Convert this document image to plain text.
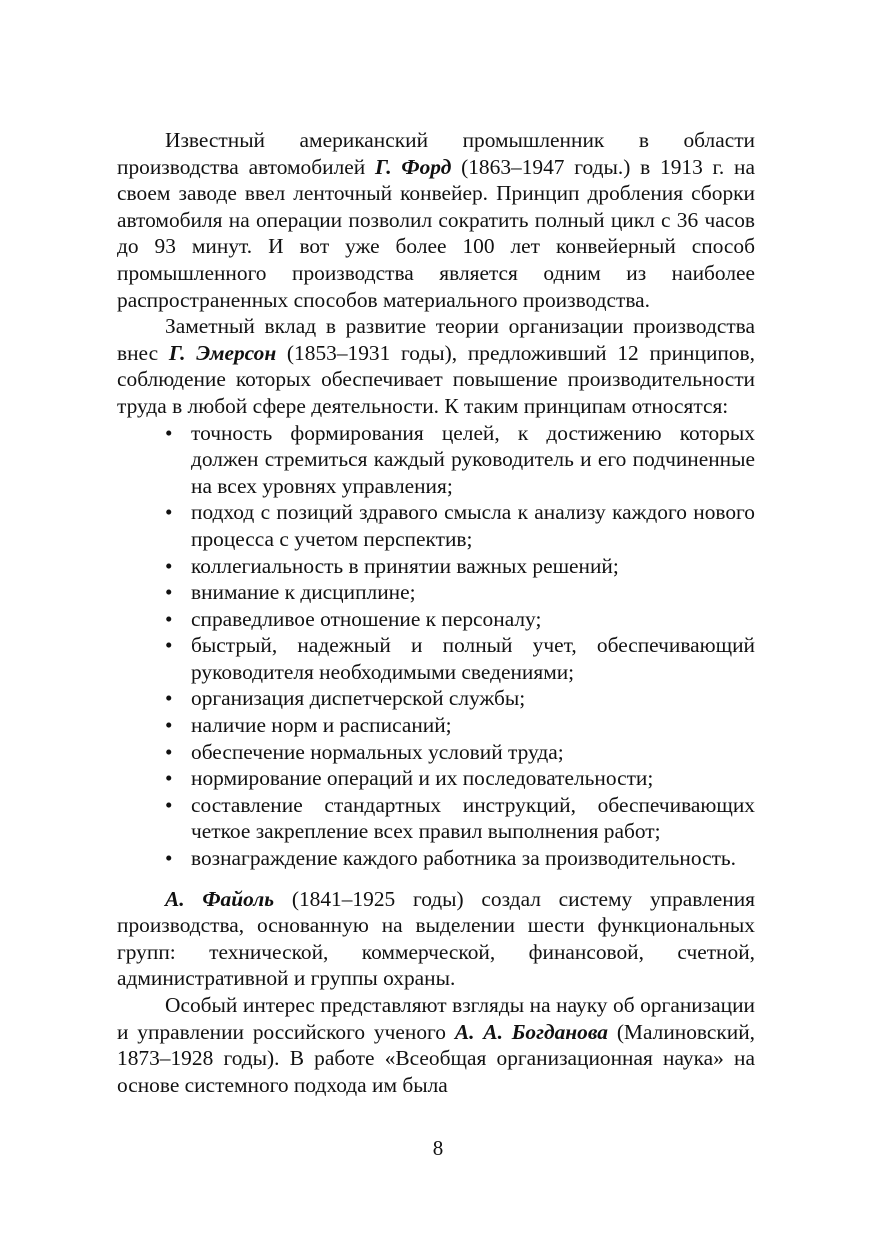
Известный американский промышленник в области производства автомобилей Г. Форд (1863–1947 годы.) в 1913 г. на своем заводе ввел ленточный конвейер. Принцип дробления сборки автомобиля на операции позволил сократить полный цикл с 36 часов до 93 минут. И вот уже более 100 лет конвейерный способ промышленного производства является одним из наиболее распространенных способов материального производства.

Заметный вклад в развитие теории организации производства внес Г. Эмерсон (1853–1931 годы), предложивший 12 принципов, соблюдение которых обеспечивает повышение производительности труда в любой сфере деятельности. К таким принципам относятся:

• точность формирования целей, к достижению которых должен стремиться каждый руководитель и его подчиненные на всех уровнях управления;
• подход с позиций здравого смысла к анализу каждого нового процесса с учетом перспектив;
• коллегиальность в принятии важных решений;
• внимание к дисциплине;
• справедливое отношение к персоналу;
• быстрый, надежный и полный учет, обеспечивающий руководителя необходимыми сведениями;
• организация диспетчерской службы;
• наличие норм и расписаний;
• обеспечение нормальных условий труда;
• нормирование операций и их последовательности;
• составление стандартных инструкций, обеспечивающих четкое закрепление всех правил выполнения работ;
• вознаграждение каждого работника за производительность.

А. Файоль (1841–1925 годы) создал систему управления производства, основанную на выделении шести функциональных групп: технической, коммерческой, финансовой, счетной, административной и группы охраны.

Особый интерес представляют взгляды на науку об организации и управлении российского ученого А. А. Богданова (Малиновский, 1873–1928 годы). В работе «Всеобщая организационная наука» на основе системного подхода им была

8
